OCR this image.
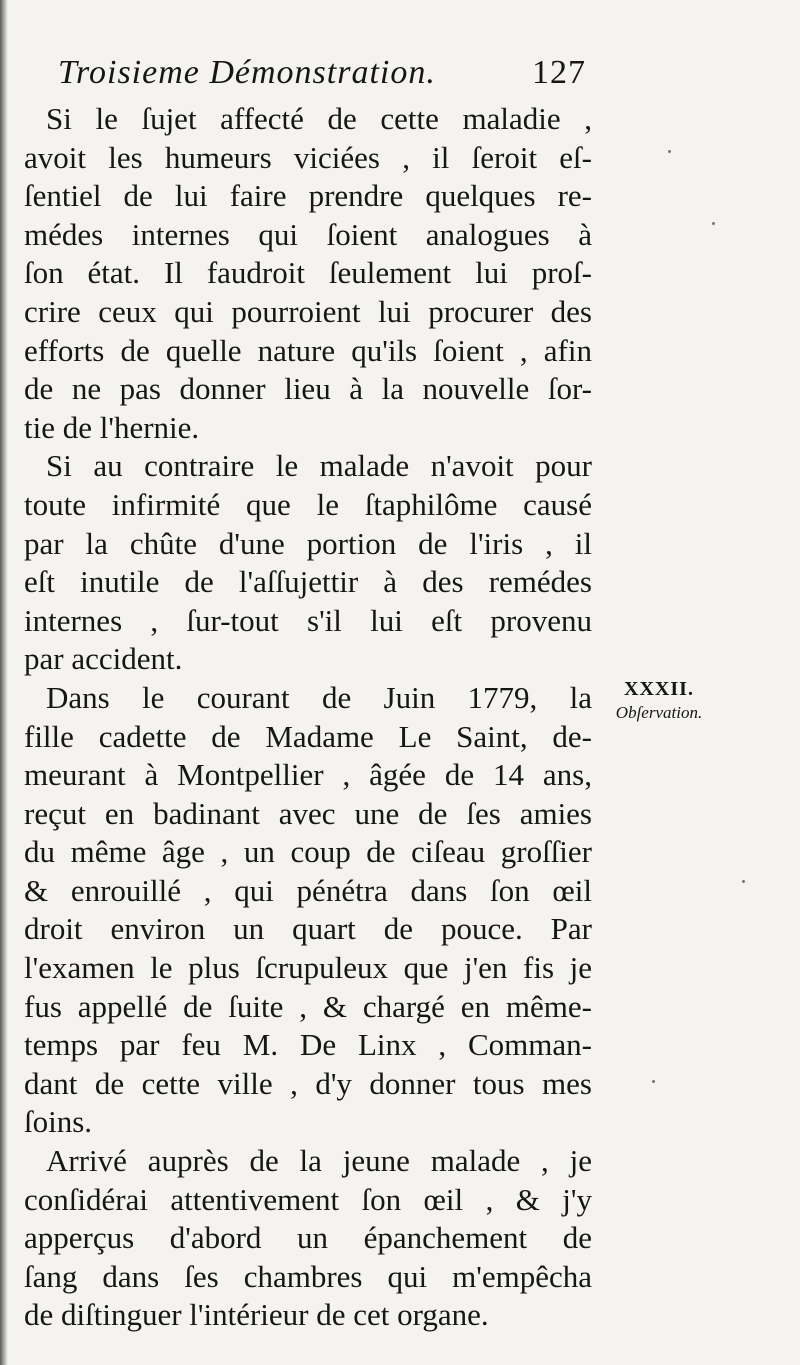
Troisieme Démonstration.	127
Si le ſujet affecté de cette maladie ,
avoit les humeurs viciées , il ſeroit eſ-
ſentiel de lui faire prendre quelques re-
médes internes qui ſoient analogues à
ſon état. Il faudroit ſeulement lui proſ-
crire ceux qui pourroient lui procurer des
efforts de quelle nature qu'ils ſoient , afin
de ne pas donner lieu à la nouvelle ſor-
tie de l'hernie.
Si au contraire le malade n'avoit pour
toute infirmité que le ſtaphilôme causé
par la chûte d'une portion de l'iris , il
eſt inutile de l'aſſujettir à des remédes
internes , ſur-tout s'il lui eſt provenu
par accident.
Dans le courant de Juin 1779, la
fille cadette de Madame Le Saint, de-
meurant à Montpellier , âgée de 14 ans,
reçut en badinant avec une de ſes amies
du même âge , un coup de ciſeau groſſier
& enrouillé , qui pénétra dans ſon œil
droit environ un quart de pouce. Par
l'examen le plus ſcrupuleux que j'en fis je
fus appellé de ſuite , & chargé en même-
temps par feu M. De Linx , Comman-
dant de cette ville , d'y donner tous mes
ſoins.
Arrivé auprès de la jeune malade , je
conſidérai attentivement ſon œil , & j'y
apperçus d'abord un épanchement de
ſang dans ſes chambres qui m'empêcha
de diſtinguer l'intérieur de cet organe.
XXXII.
Obſervation.
